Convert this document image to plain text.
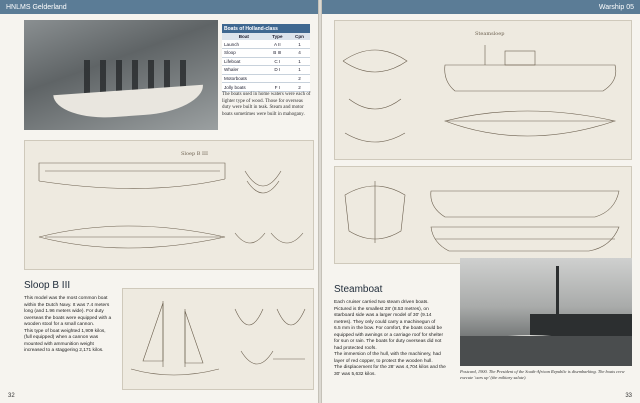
HNLMS Gelderland
Boats of Holland-class		
Boat	Type	Cpn
Launch	A II	1
Sloop	B III	4
Lifeboat	C I	1
Whaler	D I	1
Motorboats		2
Jolly boats	F I	2
The boats used in home waters were each of lighter type of wood. Those for overseas duty were built in teak. Steam and motor boats sometimes were built in mahogany.
Sloep B III
Sloop B III
This model was the most common boat
within the Dutch Navy. It was 7.4 meters
long (and 1.96 meters wide). For duty
overseas the boats were equipped with a
wooden stool for a small cannon.
This type of boat weighted 1,909 kilos,
(full equipped) when a cannon was
mounted with ammunition weight
increased to a staggering 2,171 kilos.
32
Warship 05
Steamsloep
Steamboat
Each cruiser carried two steam driven boats.
Pictured is the smallest 28' (8.53 metres), on
starboard side was a larger model of 30' (9.14
metres). They only could carry a machinegun of
6.5 mm in the bow. For comfort, the boats could be
equipped with awnings or a carriage roof for shelter
for sun or rain. The boats for duty overseas did not
had protected roofs.
The immersion of the hull, with the machinery, had
layer of red copper, to protect the wooden hull.
The displacement for the 28' was 4,704 kilos and the
30' was 5,632 kilos.	Postcard, 1900. The President of the South-African Republic is disembarking. The boats crew execute 'oars up' (the military salute).
33
